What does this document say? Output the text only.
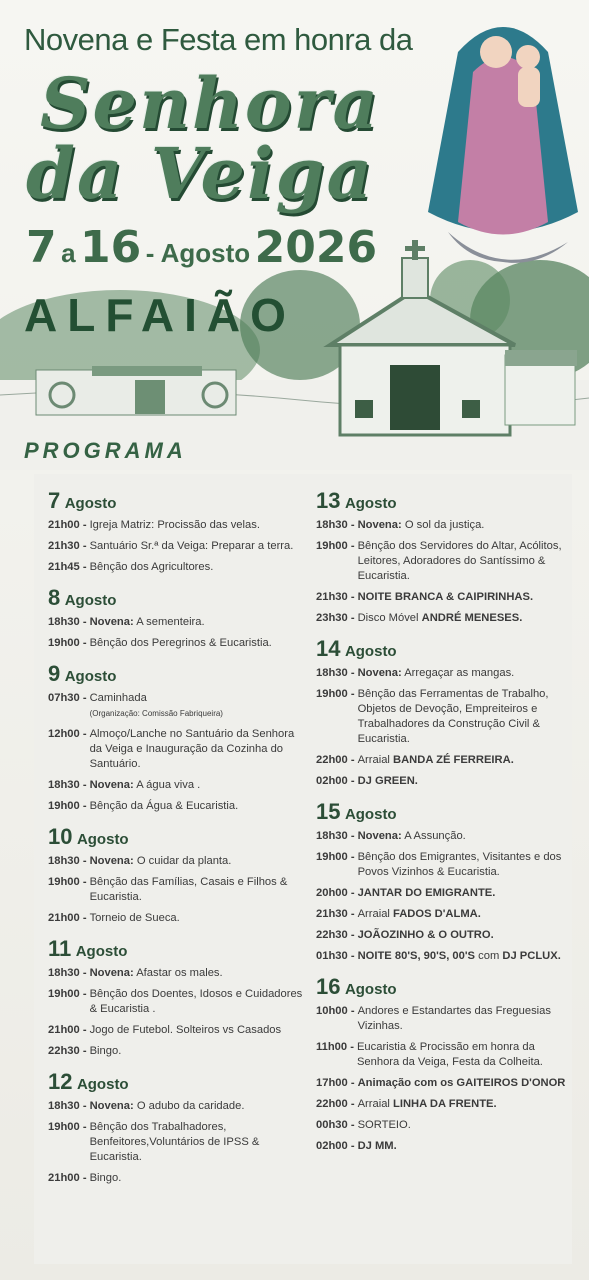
Novena e Festa em honra da
Senhora
da Veiga
7 a 16 - Agosto 2026
ALFAIÃO
PROGRAMA
7 Agosto
21h00 - Igreja Matriz: Procissão das velas.
21h30 - Santuário Sr.ª da Veiga: Preparar a terra.
21h45 - Bênção dos Agricultores.
8 Agosto
18h30 - Novena: A sementeira.
19h00 - Bênção dos Peregrinos & Eucaristia.
9 Agosto
07h30 - Caminhada
(Organização: Comissão Fabriqueira)
12h00 - Almoço/Lanche no Santuário da Senhora da Veiga e Inauguração da Cozinha do Santuário.
18h30 - Novena: A água viva .
19h00 - Bênção da Água & Eucaristia.
10 Agosto
18h30 - Novena: O cuidar da planta.
19h00 - Bênção das Famílias, Casais e Filhos & Eucaristia.
21h00 - Torneio de Sueca.
11 Agosto
18h30 - Novena: Afastar os males.
19h00 - Bênção dos Doentes, Idosos e Cuidadores & Eucaristia .
21h00 - Jogo de Futebol. Solteiros vs Casados
22h30 - Bingo.
12 Agosto
18h30 - Novena: O adubo da caridade.
19h00 - Bênção dos Trabalhadores, Benfeitores,Voluntários de IPSS & Eucaristia.
21h00 - Bingo.
13 Agosto
18h30 - Novena: O sol da justiça.
19h00 - Bênção dos Servidores do Altar, Acólitos, Leitores, Adoradores do Santíssimo & Eucaristia.
21h30 - NOITE BRANCA & CAIPIRINHAS.
23h30 - Disco Móvel ANDRÉ MENESES.
14 Agosto
18h30 - Novena: Arregaçar as mangas.
19h00 - Bênção das Ferramentas de Trabalho, Objetos de Devoção, Empreiteiros e Trabalhadores da Construção Civil & Eucaristia.
22h00 - Arraial BANDA ZÉ FERREIRA.
02h00 - DJ GREEN.
15 Agosto
18h30 - Novena: A Assunção.
19h00 - Bênção dos Emigrantes, Visitantes e dos Povos Vizinhos & Eucaristia.
20h00 - JANTAR DO EMIGRANTE.
21h30 - Arraial FADOS D'ALMA.
22h30 - JOÃOZINHO & O OUTRO.
01h30 - NOITE 80'S, 90'S, 00'S com DJ PCLUX.
16 Agosto
10h00 - Andores e Estandartes das Freguesias Vizinhas.
11h00 - Eucaristia & Procissão em honra da Senhora da Veiga, Festa da Colheita.
17h00 - Animação com os GAITEIROS D'ONOR
22h00 - Arraial LINHA DA FRENTE.
00h30 - SORTEIO.
02h00 - DJ MM.
